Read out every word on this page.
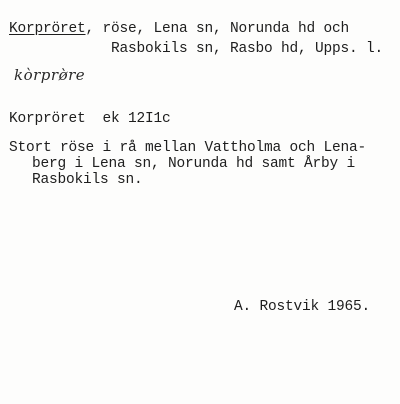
Korpröret, röse, Lena sn, Norunda hd och
Rasbokils sn, Rasbo hd, Upps. l.
kòrprø̀re
Korpröret ek 12I1c
Stort röse i rå mellan Vattholma och Lena-
berg i Lena sn, Norunda hd samt Årby i
Rasbokils sn.
A. Rostvik 1965.
